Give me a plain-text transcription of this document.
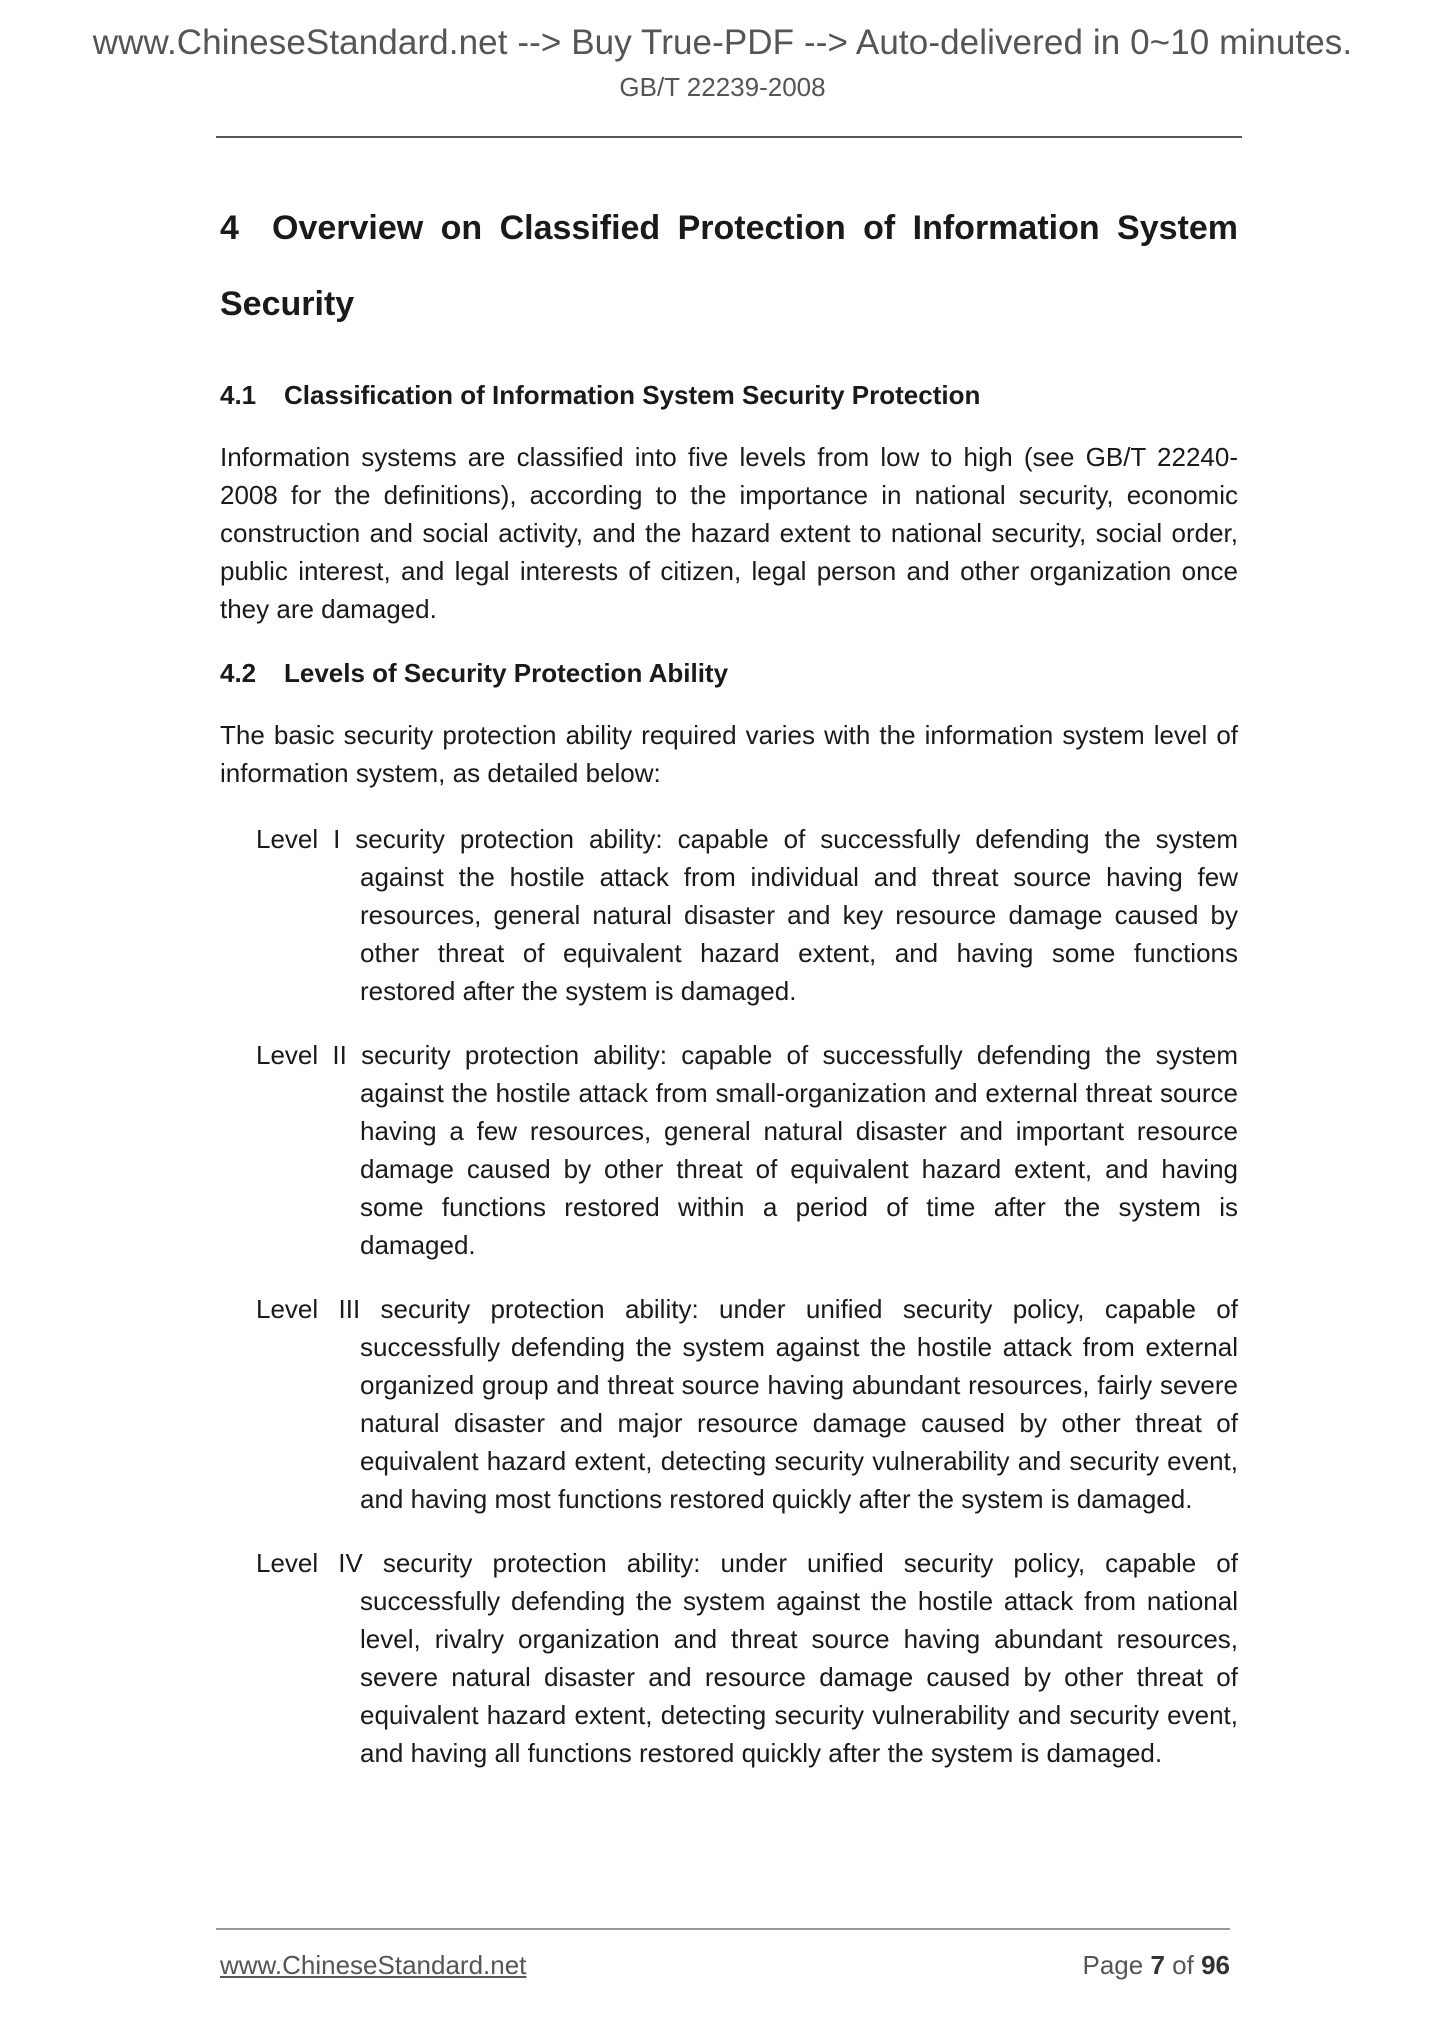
www.ChineseStandard.net --> Buy True-PDF --> Auto-delivered in 0~10 minutes.
GB/T 22239-2008
4 Overview on Classified Protection of Information System Security
4.1 Classification of Information System Security Protection

Information systems are classified into five levels from low to high (see GB/T 22240-2008 for the definitions), according to the importance in national security, economic construction and social activity, and the hazard extent to national security, social order, public interest, and legal interests of citizen, legal person and other organization once they are damaged.

4.2 Levels of Security Protection Ability

The basic security protection ability required varies with the information system level of information system, as detailed below:

Level I security protection ability: capable of successfully defending the system against the hostile attack from individual and threat source having few resources, general natural disaster and key resource damage caused by other threat of equivalent hazard extent, and having some functions restored after the system is damaged.

Level II security protection ability: capable of successfully defending the system against the hostile attack from small-organization and external threat source having a few resources, general natural disaster and important resource damage caused by other threat of equivalent hazard extent, and having some functions restored within a period of time after the system is damaged.

Level III security protection ability: under unified security policy, capable of successfully defending the system against the hostile attack from external organized group and threat source having abundant resources, fairly severe natural disaster and major resource damage caused by other threat of equivalent hazard extent, detecting security vulnerability and security event, and having most functions restored quickly after the system is damaged.

Level IV security protection ability: under unified security policy, capable of successfully defending the system against the hostile attack from national level, rivalry organization and threat source having abundant resources, severe natural disaster and resource damage caused by other threat of equivalent hazard extent, detecting security vulnerability and security event, and having all functions restored quickly after the system is damaged.

www.ChineseStandard.net	Page 7 of 96
